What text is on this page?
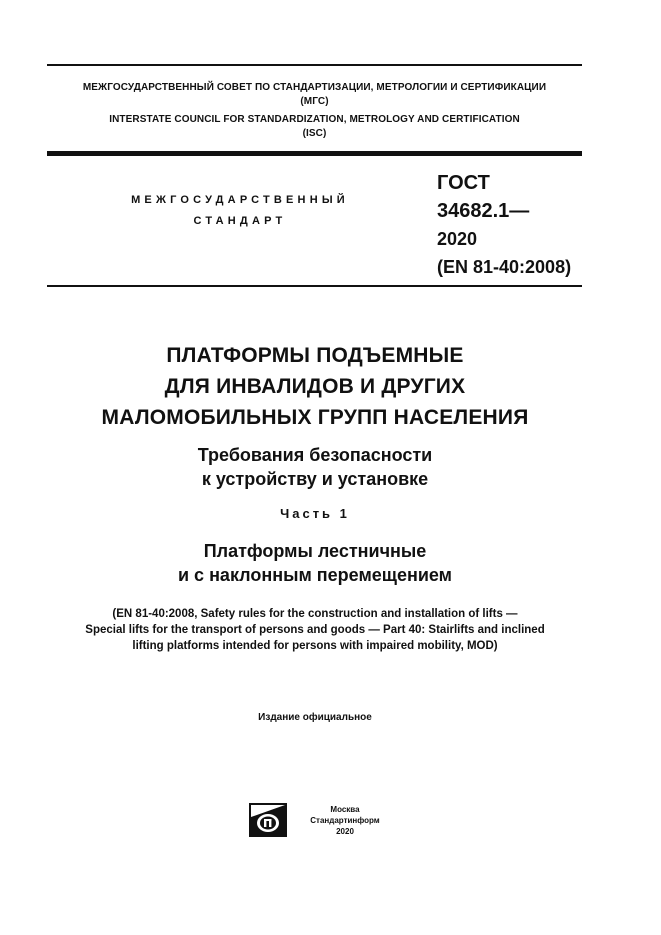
МЕЖГОСУДАРСТВЕННЫЙ СОВЕТ ПО СТАНДАРТИЗАЦИИ, МЕТРОЛОГИИ И СЕРТИФИКАЦИИ
(МГС)
INTERSTATE COUNCIL FOR STANDARDIZATION, METROLOGY AND CERTIFICATION
(ISC)
МЕЖГОСУДАРСТВЕННЫЙ
СТАНДАРТ
ГОСТ
34682.1—
2020
(EN 81-40:2008)
ПЛАТФОРМЫ ПОДЪЕМНЫЕ
ДЛЯ ИНВАЛИДОВ И ДРУГИХ
МАЛОМОБИЛЬНЫХ ГРУПП НАСЕЛЕНИЯ
Требования безопасности
к устройству и установке
Часть 1
Платформы лестничные
и с наклонным перемещением
(EN 81-40:2008, Safety rules for the construction and installation of lifts —
Special lifts for the transport of persons and goods — Part 40: Stairlifts and inclined
lifting platforms intended for persons with impaired mobility, MOD)
Издание официальное
Москва
Стандартинформ
2020
